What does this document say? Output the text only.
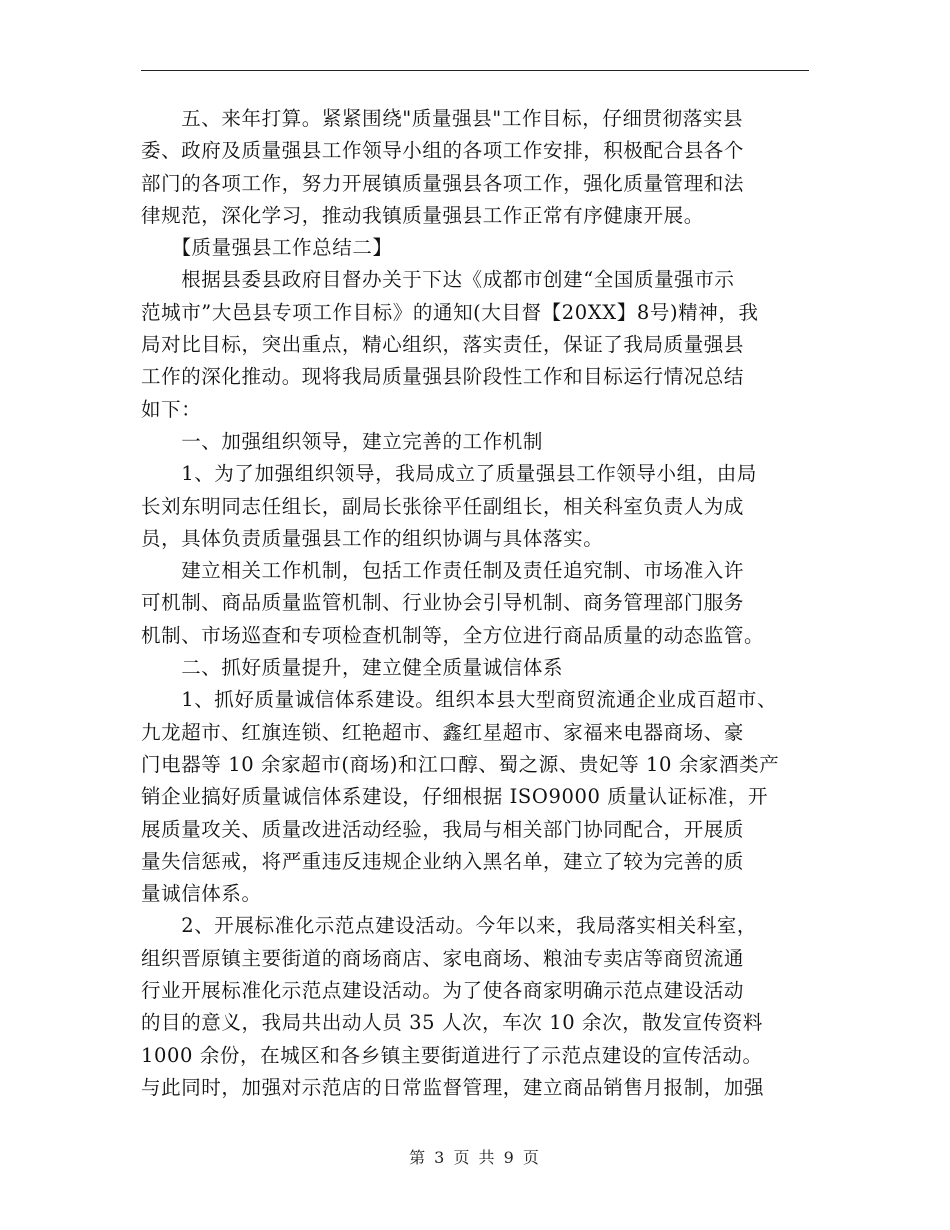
　　五、来年打算。紧紧围绕"质量强县"工作目标，仔细贯彻落实县
委、政府及质量强县工作领导小组的各项工作安排，积极配合县各个
部门的各项工作，努力开展镇质量强县各项工作，强化质量管理和法
律规范，深化学习，推动我镇质量强县工作正常有序健康开展。
　　【质量强县工作总结二】
　　根据县委县政府目督办关于下达《成都市创建“全国质量强市示
范城市”大邑县专项工作目标》的通知(大目督【20XX】8号)精神，我
局对比目标，突出重点，精心组织，落实责任，保证了我局质量强县
工作的深化推动。现将我局质量强县阶段性工作和目标运行情况总结
如下：
　　一、加强组织领导，建立完善的工作机制
　　1、为了加强组织领导，我局成立了质量强县工作领导小组，由局
长刘东明同志任组长，副局长张徐平任副组长，相关科室负责人为成
员，具体负责质量强县工作的组织协调与具体落实。
　　建立相关工作机制，包括工作责任制及责任追究制、市场准入许
可机制、商品质量监管机制、行业协会引导机制、商务管理部门服务
机制、市场巡查和专项检查机制等，全方位进行商品质量的动态监管。
　　二、抓好质量提升，建立健全质量诚信体系
　　1、抓好质量诚信体系建设。组织本县大型商贸流通企业成百超市、
九龙超市、红旗连锁、红艳超市、鑫红星超市、家福来电器商场、豪
门电器等 10 余家超市(商场)和江口醇、蜀之源、贵妃等 10 余家酒类产
销企业搞好质量诚信体系建设，仔细根据 ISO9000 质量认证标准，开
展质量攻关、质量改进活动经验，我局与相关部门协同配合，开展质
量失信惩戒，将严重违反违规企业纳入黑名单，建立了较为完善的质
量诚信体系。
　　2、开展标准化示范点建设活动。今年以来，我局落实相关科室，
组织晋原镇主要街道的商场商店、家电商场、粮油专卖店等商贸流通
行业开展标准化示范点建设活动。为了使各商家明确示范点建设活动
的目的意义，我局共出动人员 35 人次，车次 10 余次，散发宣传资料
1000 余份，在城区和各乡镇主要街道进行了示范点建设的宣传活动。
与此同时，加强对示范店的日常监督管理，建立商品销售月报制，加强
第 3 页 共 9 页
